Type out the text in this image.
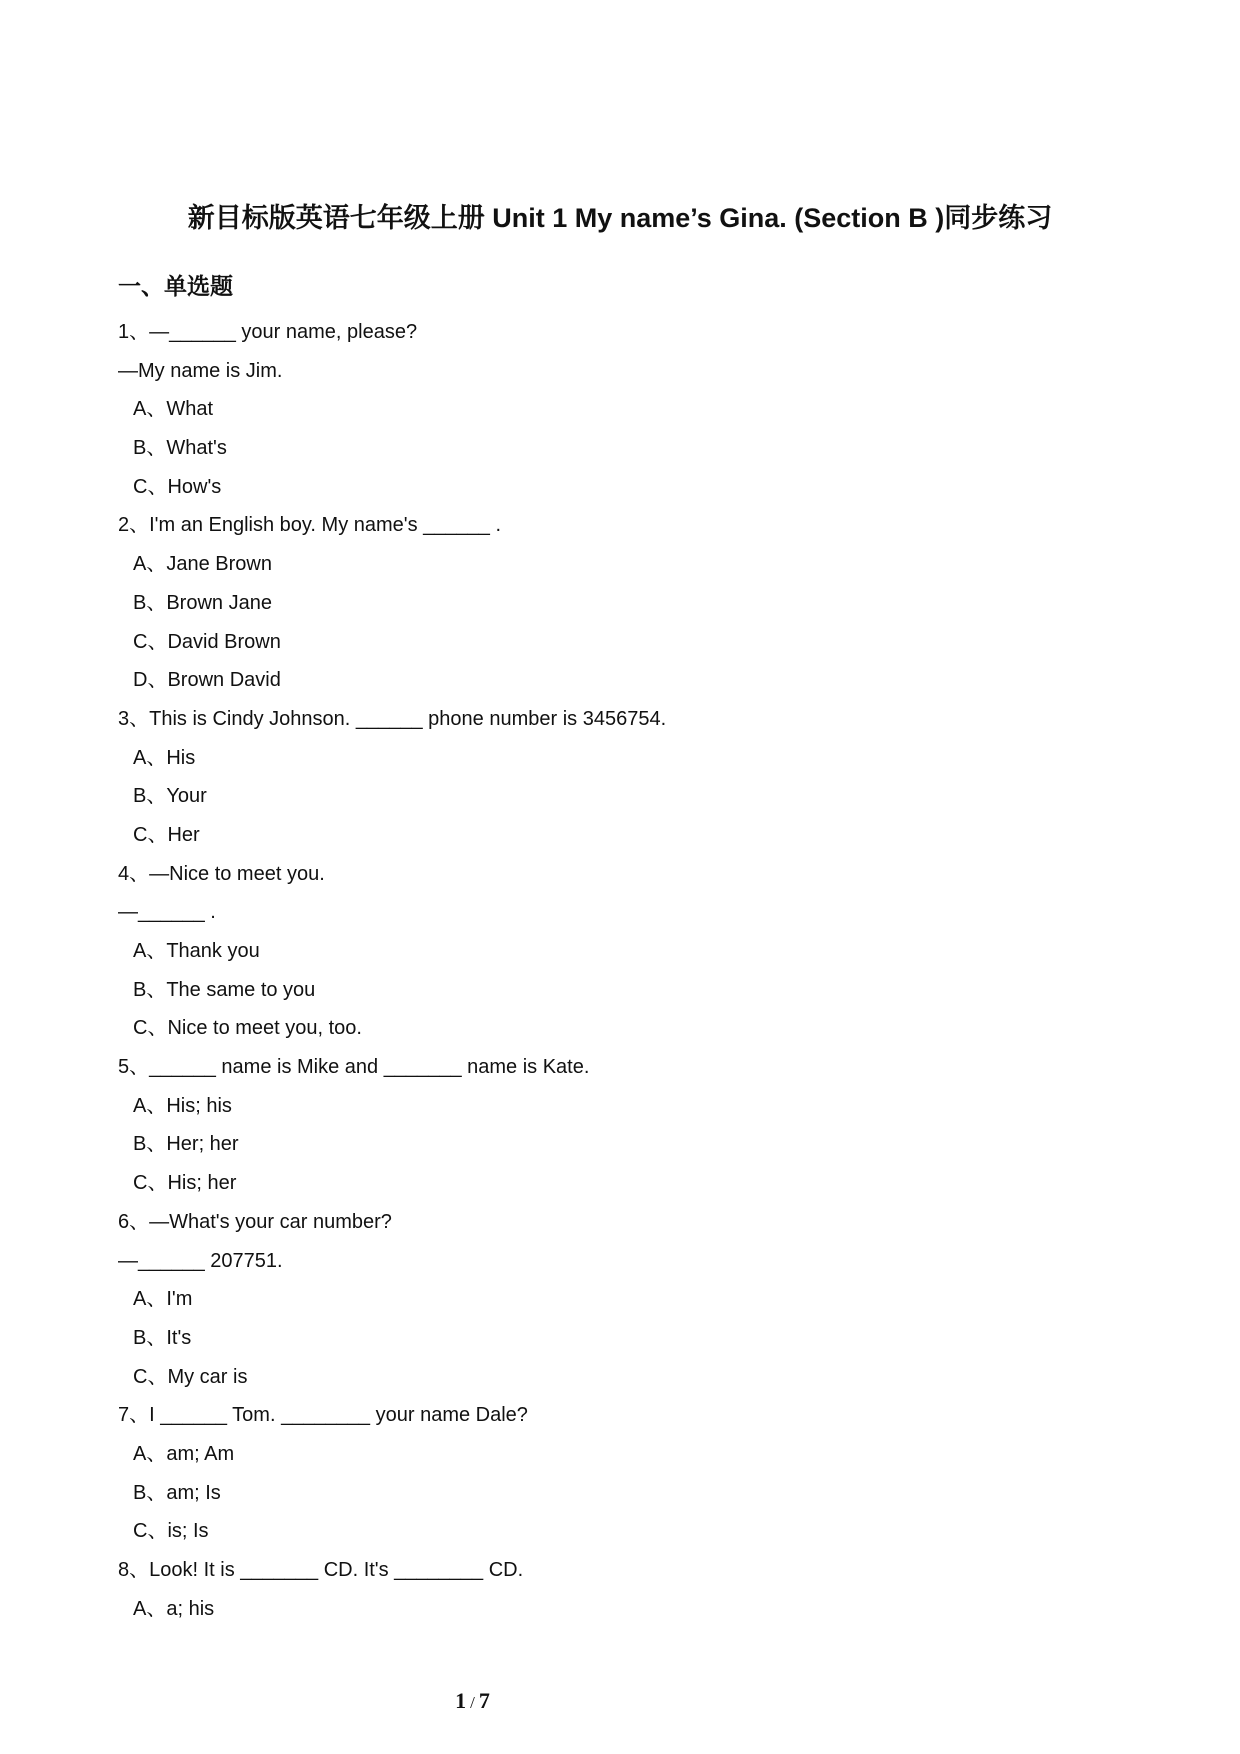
新目标版英语七年级上册 Unit 1 My name’s Gina. (Section B )同步练习
一、单选题
1、—______ your name, please?
—My name is Jim.
A、What
B、What's
C、How's
2、I'm an English boy. My name's ______ .
A、Jane Brown
B、Brown Jane
C、David Brown
D、Brown David
3、This is Cindy Johnson. ______ phone number is 3456754.
A、His
B、Your
C、Her
4、—Nice to meet you.
—______ .
A、Thank you
B、The same to you
C、Nice to meet you, too.
5、______ name is Mike and _______ name is Kate.
A、His; his
B、Her; her
C、His; her
6、—What's your car number?
—______ 207751.
A、I'm
B、It's
C、My car is
7、I ______ Tom. ________ your name Dale?
A、am; Am
B、am; Is
C、is; Is
8、Look! It is _______ CD. It's ________ CD.
A、a; his
1 / 7
